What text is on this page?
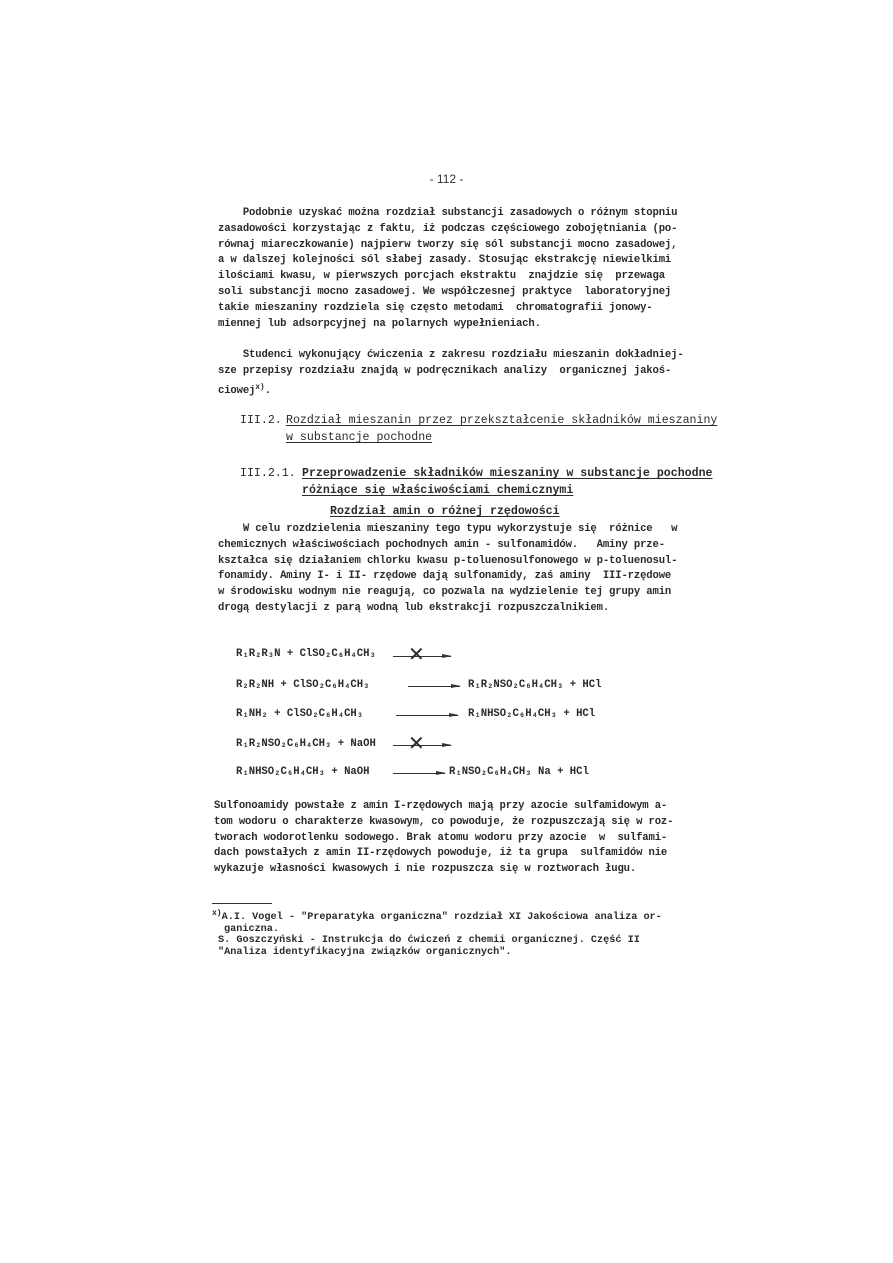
- 112 -
Podobnie uzyskać można rozdział substancji zasadowych o różnym stopniu
zasadowości korzystając z faktu, iż podczas częściowego zobojętniania (po-
równaj miareczkowanie) najpierw tworzy się sól substancji mocno zasadowej,
a w dalszej kolejności sól słabej zasady. Stosując ekstrakcję niewielkimi
ilościami kwasu, w pierwszych porcjach ekstraktu  znajdzie się  przewaga
soli substancji mocno zasadowej. We współczesnej praktyce  laboratoryjnej
takie mieszaniny rozdziela się często metodami  chromatografii jonowy-
miennej lub adsorpcyjnej na polarnych wypełnieniach.
Studenci wykonujący ćwiczenia z zakresu rozdziału mieszanin dokładniej-
sze przepisy rozdziału znajdą w podręcznikach analizy  organicznej jakoś-
ciowej$^{x)}$.
III.2. Rozdział mieszanin przez przekształcenie składników mieszaniny
w substancje pochodne
III.2.1. Przeprowadzenie składników mieszaniny w substancje pochodne
różniące się właściwościami chemicznymi
Rozdział amin o różnej rzędowości
W celu rozdzielenia mieszaniny tego typu wykorzystuje się  różnice   w
chemicznych właściwościach pochodnych amin - sulfonamidów.   Aminy prze-
kształca się działaniem chlorku kwasu p-toluenosulfonowego w p-toluenosul-
fonamidy. Aminy I- i II- rzędowe dają sulfonamidy, zaś aminy  III-rzędowe
w środowisku wodnym nie reagują, co pozwala na wydzielenie tej grupy amin
drogą destylacji z parą wodną lub ekstrakcji rozpuszczalnikiem.
R₁R₂R₃N + ClSO₂C₆H₄CH₃ →
✕
R₂R₂NH + ClSO₂C₆H₄CH₃ → R₁R₂NSO₂C₆H₄CH₃ + HCl
R₁NH₂ + ClSO₂C₆H₄CH₃ → R₁NHSO₂C₆H₄CH₃ + HCl
R₁R₂NSO₂C₆H₄CH₃ + NaOH →
✕
R₁NHSO₂C₆H₄CH₃ + NaOH → R₁NSO₂C₆H₄CH₃ Na + HCl
Sulfonoamidy powstałe z amin I-rzędowych mają przy azocie sulfamidowym a-
tom wodoru o charakterze kwasowym, co powoduje, że rozpuszczają się w roz-
tworach wodorotlenku sodowego. Brak atomu wodoru przy azocie  w  sulfami-
dach powstałych z amin II-rzędowych powoduje, iż ta grupa  sulfamidów nie
wykazuje własności kwasowych i nie rozpuszcza się w roztworach ługu.
$^{x)}$A.I. Vogel - "Preparatyka organiczna" rozdział XI Jakościowa analiza or-
ganiczna.
S. Goszczyński - Instrukcja do ćwiczeń z chemii organicznej. Część II
"Analiza identyfikacyjna związków organicznych".
